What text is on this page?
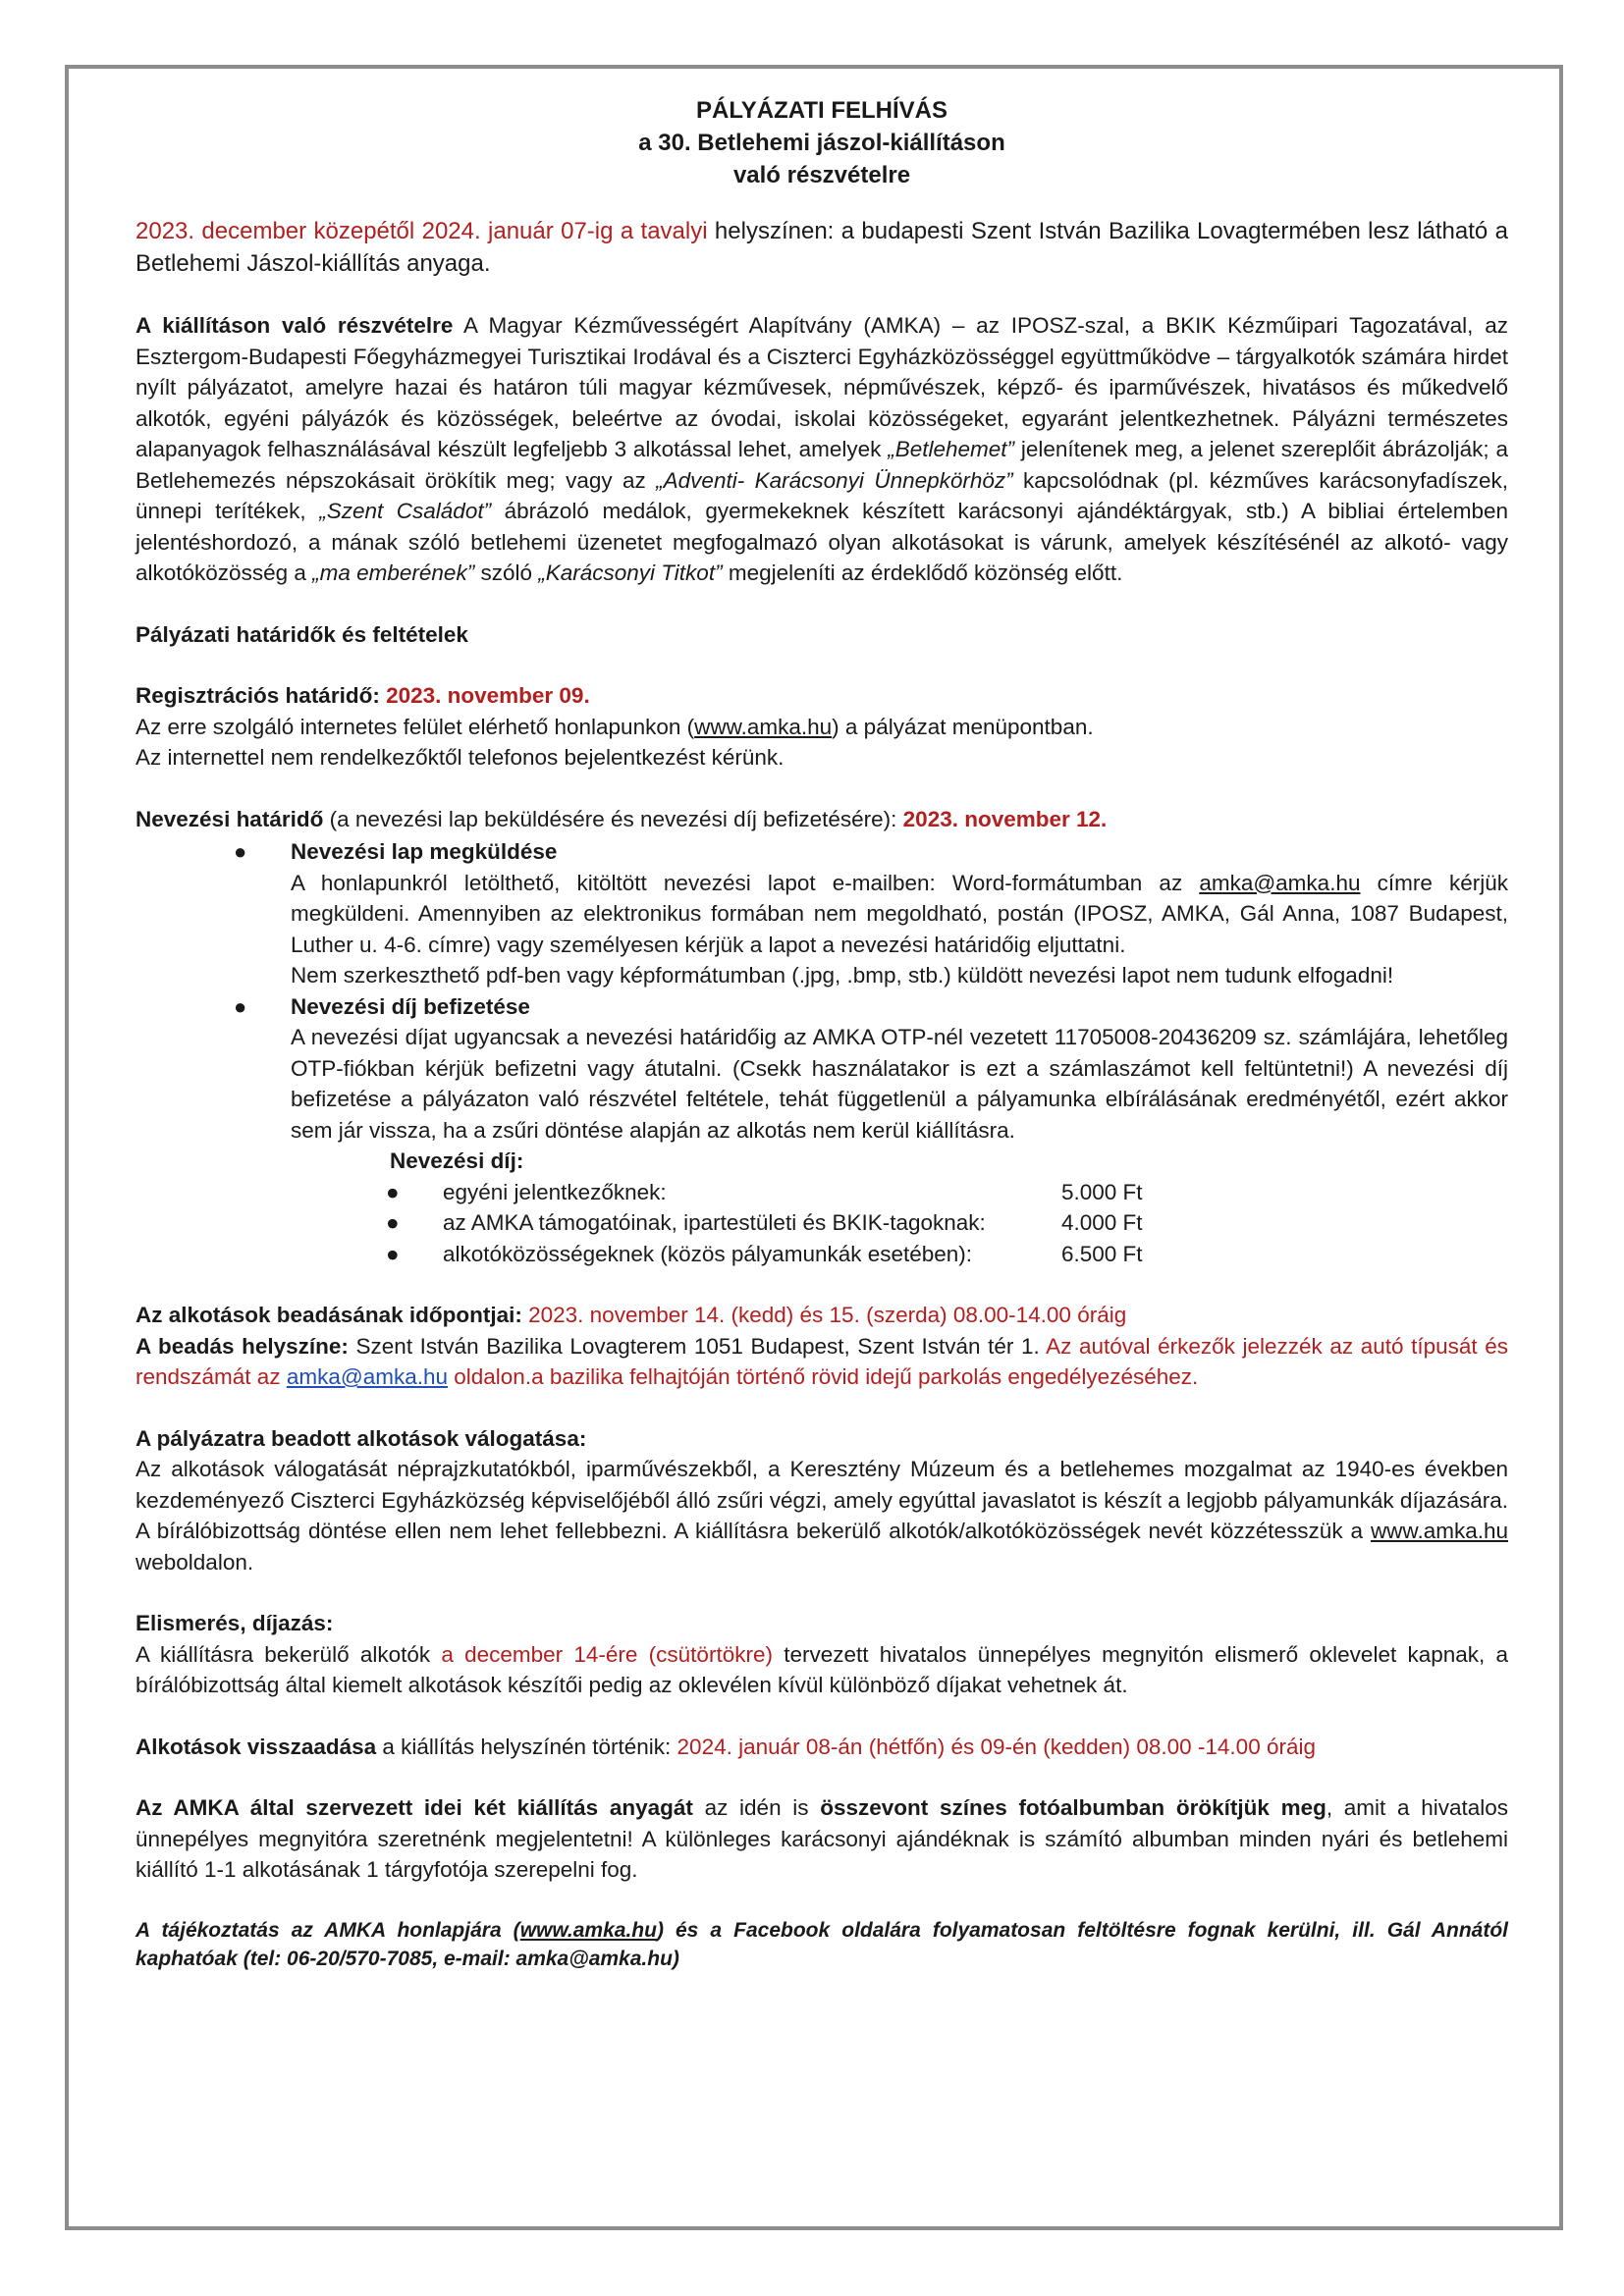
PÁLYÁZATI FELHÍVÁS
a 30. Betlehemi jászol-kiállításon
való részvételre

2023. december közepétől 2024. január 07-ig a tavalyi helyszínen: a budapesti Szent István Bazilika Lovagtermében lesz látható a Betlehemi Jászol-kiállítás anyaga.

A kiállításon való részvételre A Magyar Kézművességért Alapítvány (AMKA) – az IPOSZ-szal, a BKIK Kézműipari Tagozatával, az Esztergom-Budapesti Főegyházmegyei Turisztikai Irodával és a Ciszterci Egyházközösséggel együttműködve – tárgyalkotók számára hirdet nyílt pályázatot, amelyre hazai és határon túli magyar kézművesek, népművészek, képző- és iparművészek, hivatásos és műkedvelő alkotók, egyéni pályázók és közösségek, beleértve az óvodai, iskolai közösségeket, egyaránt jelentkezhetnek. Pályázni természetes alapanyagok felhasználásával készült legfeljebb 3 alkotással lehet, amelyek „Betlehemet” jelenítenek meg, a jelenet szereplőit ábrázolják; a Betlehemezés népszokásait örökítik meg; vagy az „Adventi- Karácsonyi Ünnepkörhöz” kapcsolódnak (pl. kézműves karácsonyfadíszek, ünnepi terítékek, „Szent Családot” ábrázoló medálok, gyermekeknek készített karácsonyi ajándéktárgyak, stb.) A bibliai értelemben jelentéshordozó, a mának szóló betlehemi üzenetet megfogalmazó olyan alkotásokat is várunk, amelyek készítésénél az alkotó- vagy alkotóközösség a „ma emberének” szóló „Karácsonyi Titkot” megjeleníti az érdeklődő közönség előtt.

Pályázati határidők és feltételek

Regisztrációs határidő: 2023. november 09.

Az erre szolgáló internetes felület elérhető honlapunkon (www.amka.hu) a pályázat menüpontban.

Az internettel nem rendelkezőktől telefonos bejelentkezést kérünk.

Nevezési határidő (a nevezési lap beküldésére és nevezési díj befizetésére): 2023. november 12.

● Nevezési lap megküldése

A honlapunkról letölthető, kitöltött nevezési lapot e-mailben: Word-formátumban az amka@amka.hu címre kérjük megküldeni. Amennyiben az elektronikus formában nem megoldható, postán (IPOSZ, AMKA, Gál Anna, 1087 Budapest, Luther u. 4-6. címre) vagy személyesen kérjük a lapot a nevezési határidőig eljuttatni.

Nem szerkeszthető pdf-ben vagy képformátumban (.jpg, .bmp, stb.) küldött nevezési lapot nem tudunk elfogadni!

● Nevezési díj befizetése

A nevezési díjat ugyancsak a nevezési határidőig az AMKA OTP-nél vezetett 11705008-20436209 sz. számlájára, lehetőleg OTP-fiókban kérjük befizetni vagy átutalni. (Csekk használatakor is ezt a számlaszámot kell feltüntetni!) A nevezési díj befizetése a pályázaton való részvétel feltétele, tehát függetlenül a pályamunka elbírálásának eredményétől, ezért akkor sem jár vissza, ha a zsűri döntése alapján az alkotás nem kerül kiállításra.

Nevezési díj:

● egyéni jelentkezőknek:	5.000 Ft
● az AMKA támogatóinak, ipartestületi és BKIK-tagoknak:	4.000 Ft
● alkotóközösségeknek (közös pályamunkák esetében):	6.500 Ft

Az alkotások beadásának időpontjai: 2023. november 14. (kedd) és 15. (szerda) 08.00-14.00 óráig

A beadás helyszíne: Szent István Bazilika Lovagterem 1051 Budapest, Szent István tér 1. Az autóval érkezők jelezzék az autó típusát és rendszámát az amka@amka.hu oldalon.a bazilika felhajtóján történő rövid idejű parkolás engedélyezéséhez.

A pályázatra beadott alkotások válogatása:

Az alkotások válogatását néprajzkutatókból, iparművészekből, a Keresztény Múzeum és a betlehemes mozgalmat az 1940-es években kezdeményező Ciszterci Egyházközség képviselőjéből álló zsűri végzi, amely egyúttal javaslatot is készít a legjobb pályamunkák díjazására. A bírálóbizottság döntése ellen nem lehet fellebbezni. A kiállításra bekerülő alkotók/alkotóközösségek nevét közzétesszük a www.amka.hu weboldalon.

Elismerés, díjazás:

A kiállításra bekerülő alkotók a december 14-ére (csütörtökre) tervezett hivatalos ünnepélyes megnyitón elismerő oklevelet kapnak, a bírálóbizottság által kiemelt alkotások készítői pedig az oklevélen kívül különböző díjakat vehetnek át.

Alkotások visszaadása a kiállítás helyszínén történik: 2024. január 08-án (hétfőn) és 09-én (kedden) 08.00 -14.00 óráig

Az AMKA által szervezett idei két kiállítás anyagát az idén is összevont színes fotóalbumban örökítjük meg, amit a hivatalos ünnepélyes megnyitóra szeretnénk megjelentetni! A különleges karácsonyi ajándéknak is számító albumban minden nyári és betlehemi kiállító 1-1 alkotásának 1 tárgyfotója szerepelni fog.

A tájékoztatás az AMKA honlapjára (www.amka.hu) és a Facebook oldalára folyamatosan feltöltésre fognak kerülni, ill. Gál Annától kaphatóak (tel: 06-20/570-7085, e-mail: amka@amka.hu)
